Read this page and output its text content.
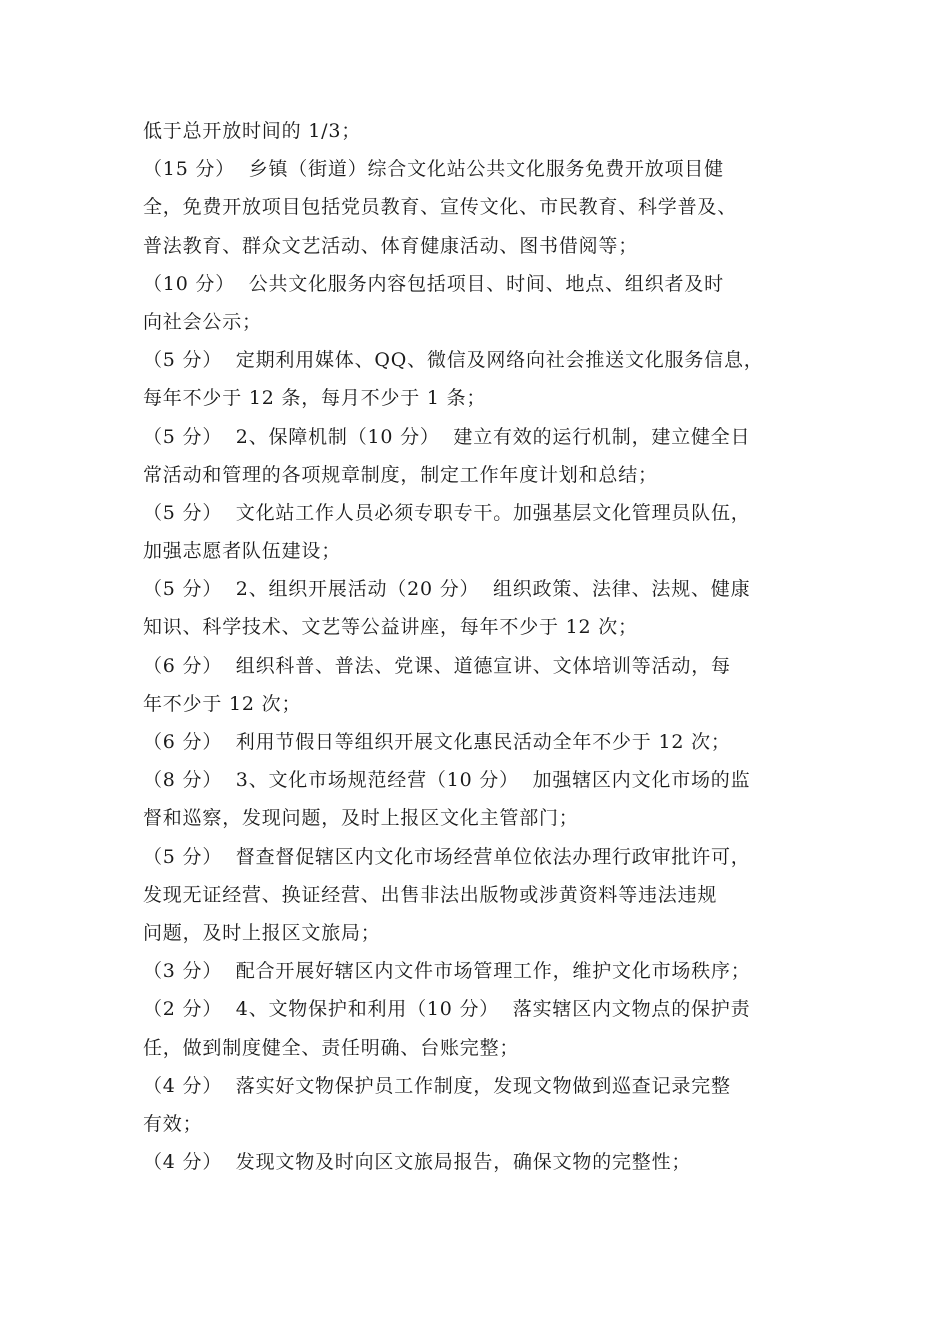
低于总开放时间的 1/3；
（15 分）  乡镇（街道）综合文化站公共文化服务免费开放项目健
全，免费开放项目包括党员教育、宣传文化、市民教育、科学普及、
普法教育、群众文艺活动、体育健康活动、图书借阅等；
（10 分）  公共文化服务内容包括项目、时间、地点、组织者及时
向社会公示；
（5 分）  定期利用媒体、QQ、微信及网络向社会推送文化服务信息，
每年不少于 12 条，每月不少于 1 条；
（5 分）  2、保障机制（10 分）  建立有效的运行机制，建立健全日
常活动和管理的各项规章制度，制定工作年度计划和总结；
（5 分）  文化站工作人员必须专职专干。加强基层文化管理员队伍，
加强志愿者队伍建设；
（5 分）  2、组织开展活动（20 分）  组织政策、法律、法规、健康
知识、科学技术、文艺等公益讲座，每年不少于 12 次；
（6 分）  组织科普、普法、党课、道德宣讲、文体培训等活动，每
年不少于 12 次；
（6 分）  利用节假日等组织开展文化惠民活动全年不少于 12 次；
（8 分）  3、文化市场规范经营（10 分）  加强辖区内文化市场的监
督和巡察，发现问题，及时上报区文化主管部门；
（5 分）  督查督促辖区内文化市场经营单位依法办理行政审批许可，
发现无证经营、换证经营、出售非法出版物或涉黄资料等违法违规
问题，及时上报区文旅局；
（3 分）  配合开展好辖区内文件市场管理工作，维护文化市场秩序；
（2 分）  4、文物保护和利用（10 分）  落实辖区内文物点的保护责
任，做到制度健全、责任明确、台账完整；
（4 分）  落实好文物保护员工作制度，发现文物做到巡查记录完整
有效；
（4 分）  发现文物及时向区文旅局报告，确保文物的完整性；
